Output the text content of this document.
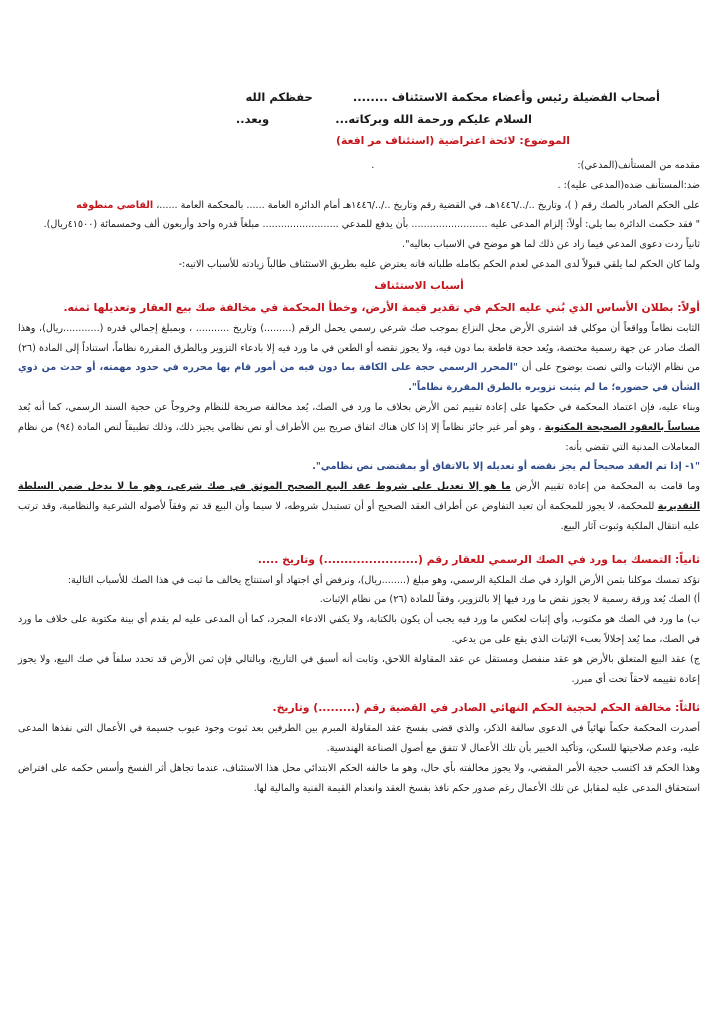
أصحاب الفضيلة رئيس وأعضاء محكمة الاستئناف ........ حفظكم الله
السلام عليكم ورحمة الله وبركاته... وبعد..
الموضوع: لائحة اعتراضية (استئناف مر افعة)
مقدمه من المستأنف(المدعي): .
ضد:المستأنف ضده(المدعى عليه): .
على الحكم الصادر بالصك رقم ( )، وتاريخ ../../١٤٤٦هـ، في القضية رقم وتاريخ ../../١٤٤٦هـ أمام الدائرة العامة ...... بالمحكمة العامة ......، القاضي منطوقه
" فقد حكمت الدائرة بما يلي: أولاً: إلزام المدعى عليه ......................... بأن يدفع للمدعي ......................... مبلغاً قدره واحد وأربعون ألف وخمسمائة (٤١٥٠٠ريال).
ثانياً ردت دعوى المدعي فيما زاد عن ذلك لما هو موضح في الاسباب بعاليه".
ولما كان الحكم لما يلقي قبولاً لدى المدعي لعدم الحكم بكامله طلباته فانه يعترض عليه بطريق الاستئناف طالباً زيادته للأسباب الاتيه:-
أسباب الاستئناف
أولاً: بطلان الأساس الذي بُني عليه الحكم في تقدير قيمة الأرض، وخطأ المحكمة في مخالفة صك بيع العقار وتعديلها ثمنه.

الثابت نظاماً وواقعاً أن موكلي قد اشترى الأرض محل النزاع بموجب صك شرعي رسمي يحمل الرقم (.........) وتاريخ ........... ، وبمبلغ إجمالي قدره (............ريال)، وهذا الصك صادر عن جهة رسمية مختصة، ويُعد حجة قاطعة بما دون فيه، ولا يجوز نقضه أو الطعن في ما ورد فيه إلا بادعاء التزوير وبالطرق المقررة نظاماً، استناداً إلى المادة (٢٦) من نظام الإثبات والتي نصت بوضوح على أن "المحرر الرسمي حجة على الكافة بما دون فيه من أمور قام بها محرره في حدود مهمته، أو حدث من ذوي الشأن في حضوره؛ ما لم يثبت تزويره بالطرق المقررة نظاماً".

وبناء عليه، فإن اعتماد المحكمة في حكمها على إعادة تقييم ثمن الأرض بخلاف ما ورد في الصك، يُعد مخالفة صريحة للنظام وخروجاً عن حجية السند الرسمي، كما أنه يُعد مساساً بالعقود الصحيحة المكتوبة ، وهو أمر غير جائز نظاماً إلا إذا كان هناك اتفاق صريح بين الأطراف أو نص نظامي يجيز ذلك، وذلك تطبيقاً لنص المادة (٩٤) من نظام المعاملات المدنية التي تقضي بأنه:

"١- إذا تم العقد صحيحاً لم يجز نقضه أو تعديله إلا بالاتفاق أو بمقتضى نص نظامي".

وما قامت به المحكمة من إعادة تقييم الأرض ما هو إلا تعديل على شروط عقد البيع الصحيح الموثق في صك شرعي، وهو ما لا يدخل ضمن السلطة التقديرية للمحكمة، لا يجوز للمحكمة أن تعيد التفاوض عن أطراف العقد الصحيح أو أن تستبدل شروطه، لا سيما وأن البيع قد تم وفقاً لأصوله الشرعية والنظامية، وقد ترتب عليه انتقال الملكية وثبوت آثار البيع.

ثانياً: التمسك بما ورد في الصك الرسمي للعقار رقم (.......................) وتاريخ .....

نؤكد تمسك موكلنا بثمن الأرض الوارد في صك الملكية الرسمي، وهو مبلغ (........ريال)، ونرفض أي اجتهاد أو استنتاج يخالف ما ثبت في هذا الصك للأسباب التالية:

أ) الصك يُعد ورقة رسمية لا يجوز نقض ما ورد فيها إلا بالتزوير، وفقاً للمادة (٢٦) من نظام الإثبات.

ب) ما ورد في الصك هو مكتوب، وأي إثبات لعكس ما ورد فيه يجب أن يكون بالكتابة، ولا يكفي الادعاء المجرد، كما أن المدعى عليه لم يقدم أي بينة مكتوبة على خلاف ما ورد في الصك، مما يُعد إخلالاً بعبء الإثبات الذي يقع على من يدعي.

ج) عقد البيع المتعلق بالأرض هو عقد منفصل ومستقل عن عقد المقاولة اللاحق، وثابت أنه أسبق في التاريخ، وبالتالي فإن ثمن الأرض قد تحدد سلفاً في صك البيع، ولا يجوز إعادة تقييمه لاحقاً تحت أي مبرر.

ثالثاً: مخالفة الحكم لحجية الحكم النهائي الصادر في القضية رقم (.........) وتاريخ.

أصدرت المحكمة حكماً نهائياً في الدعوى سالفة الذكر، والذي قضى بفسخ عقد المقاولة المبرم بين الطرفين بعد ثبوت وجود عيوب جسيمة في الأعمال التي نفذها المدعى عليه، وعدم صلاحيتها للسكن، وتأكيد الخبير بأن تلك الأعمال لا تتفق مع أصول الصناعة الهندسية.

وهذا الحكم قد اكتسب حجية الأمر المقضي، ولا يجوز مخالفته بأي حال، وهو ما خالفه الحكم الابتدائي محل هذا الاستئناف، عندما تجاهل أثر الفسخ وأسس حكمه على افتراض استحقاق المدعى عليه لمقابل عن تلك الأعمال رغم صدور حكم نافذ بفسخ العقد وانعدام القيمة الفنية والمالية لها.
